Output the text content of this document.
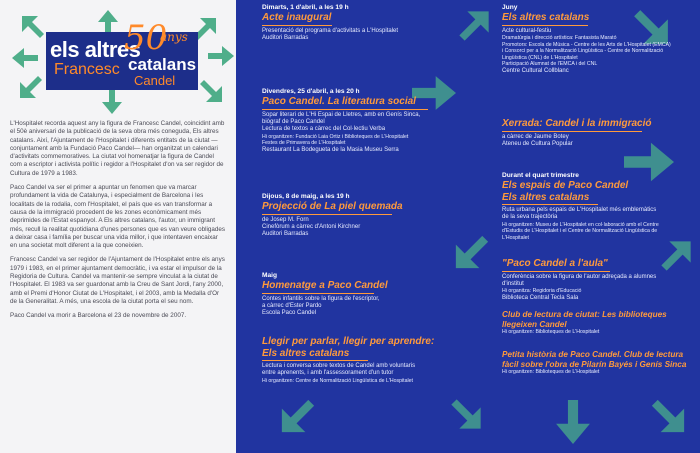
els altres
catalans
Francesc
Candel
50
anys

L'Hospitalet recorda aquest any la figura de Francesc Candel, coincidint amb el 50è aniversari de la publicació de la seva obra més coneguda, Els altres catalans. Així, l'Ajuntament de l'Hospitalet i diferents entitats de la ciutat —conjuntament amb la Fundació Paco Candel— han organitzat un calendari d'activitats commemoratives. La ciutat vol homenatjar la figura de Candel com a escriptor i activista polític i regidor a l'Hospitalet d'on va ser regidor de Cultura de 1979 a 1983.

Paco Candel va ser el primer a apuntar un fenomen que va marcar profundament la vida de Catalunya, i especialment de Barcelona i les localitats de la rodalia, com l'Hospitalet, el país que es van transformar a causa de la immigració procedent de les zones econòmicament més deprimides de l'Estat espanyol. A Els altres catalans, l'autor, un immigrant més, recull la realitat quotidiana d'unes persones que es van veure obligades a deixar casa i família per buscar una vida millor, i que intentaven encaixar en una societat molt diferent a la que coneixien.

Francesc Candel va ser regidor de l'Ajuntament de l'Hospitalet entre els anys 1979 i 1983, en el primer ajuntament democràtic, i va estar el impulsor de la Regidoria de Cultura. Candel va mantenir-se sempre vinculat a la ciutat de l'Hospitalet. El 1983 va ser guardonat amb la Creu de Sant Jordi, l'any 2000, amb el Premi d'Honor Ciutat de L'Hospitalet, i el 2003, amb la Medalla d'Or de la Generalitat. A més, una escola de la ciutat porta el seu nom.

Paco Candel va morir a Barcelona el 23 de novembre de 2007.

Dimarts, 1 d'abril, a les 19 h
Acte inaugural
Presentació del programa d'activitats a L'Hospitalet
Auditori Barradas
Divendres, 25 d'abril, a les 20 h
Paco Candel. La literatura social
Sopar literari de L'Hi Espai de Lletres, amb en Genís Sinca,
biògraf de Paco Candel
Lectura de textos a càrrec del Col·lectiu Verba
Hi organitzen: Fundació Laia Ortiz i Biblioteques de L'Hospitalet
Festes de Primavera de L'Hospitalet
Restaurant La Bodegueta de la Masia Museu Serra
Dijous, 8 de maig, a les 19 h
Projecció de La piel quemada
de Josep M. Forn
Cinefòrum a càrrec d'Antoni Kirchner
Auditori Barradas
Maig
Homenatge a Paco Candel
Contes infantils sobre la figura de l'escriptor,
a càrrec d'Ester Pardo
Escola Paco Candel
Llegir per parlar, llegir per aprendre: Els altres catalans
Lectura i conversa sobre textos de Candel amb voluntaris
entre aprenents, i amb l'assessorament d'un tutor
Hi organitzen: Centre de Normalització Lingüística de L'Hospitalet
Juny
Els altres catalans
Acte cultural-festiu
Dramatúrgia i direcció artística: Fantasista Marató
Promotors: Escola de Música - Centre de les Arts de L'Hospitalet (EMCA)
i Consorci per a la Normalització Lingüística - Centre de Normalització
Lingüística (CNL) de L'Hospitalet
Participació Alumnat de l'EMCA i del CNL
Centre Cultural Collblanc
Xerrada: Candel i la immigració
a càrrec de Jaume Botey
Ateneu de Cultura Popular
Durant el quart trimestre
Els espais de Paco Candel Els altres catalans
Ruta urbana pels espais de L'Hospitalet més emblemàtics
de la seva trajectòria
Hi organitzen: Museu de L'Hospitalet en col·laboració amb el Centre
d'Estudis de L'Hospitalet i el Centre de Normalització Lingüística de
L'Hospitalet
"Paco Candel a l'aula"
Conferència sobre la figura de l'autor adreçada a alumnes
d'institut
Hi organitza: Regidoria d'Educació
Biblioteca Central Tecla Sala
Club de lectura de ciutat: Les biblioteques llegeixen Candel
Hi organitzen: Biblioteques de L'Hospitalet
Petita història de Paco Candel. Club de lectura fàcil sobre l'obra de Pilarín Bayés i Genís Sinca
Hi organitzen: Biblioteques de L'Hospitalet
